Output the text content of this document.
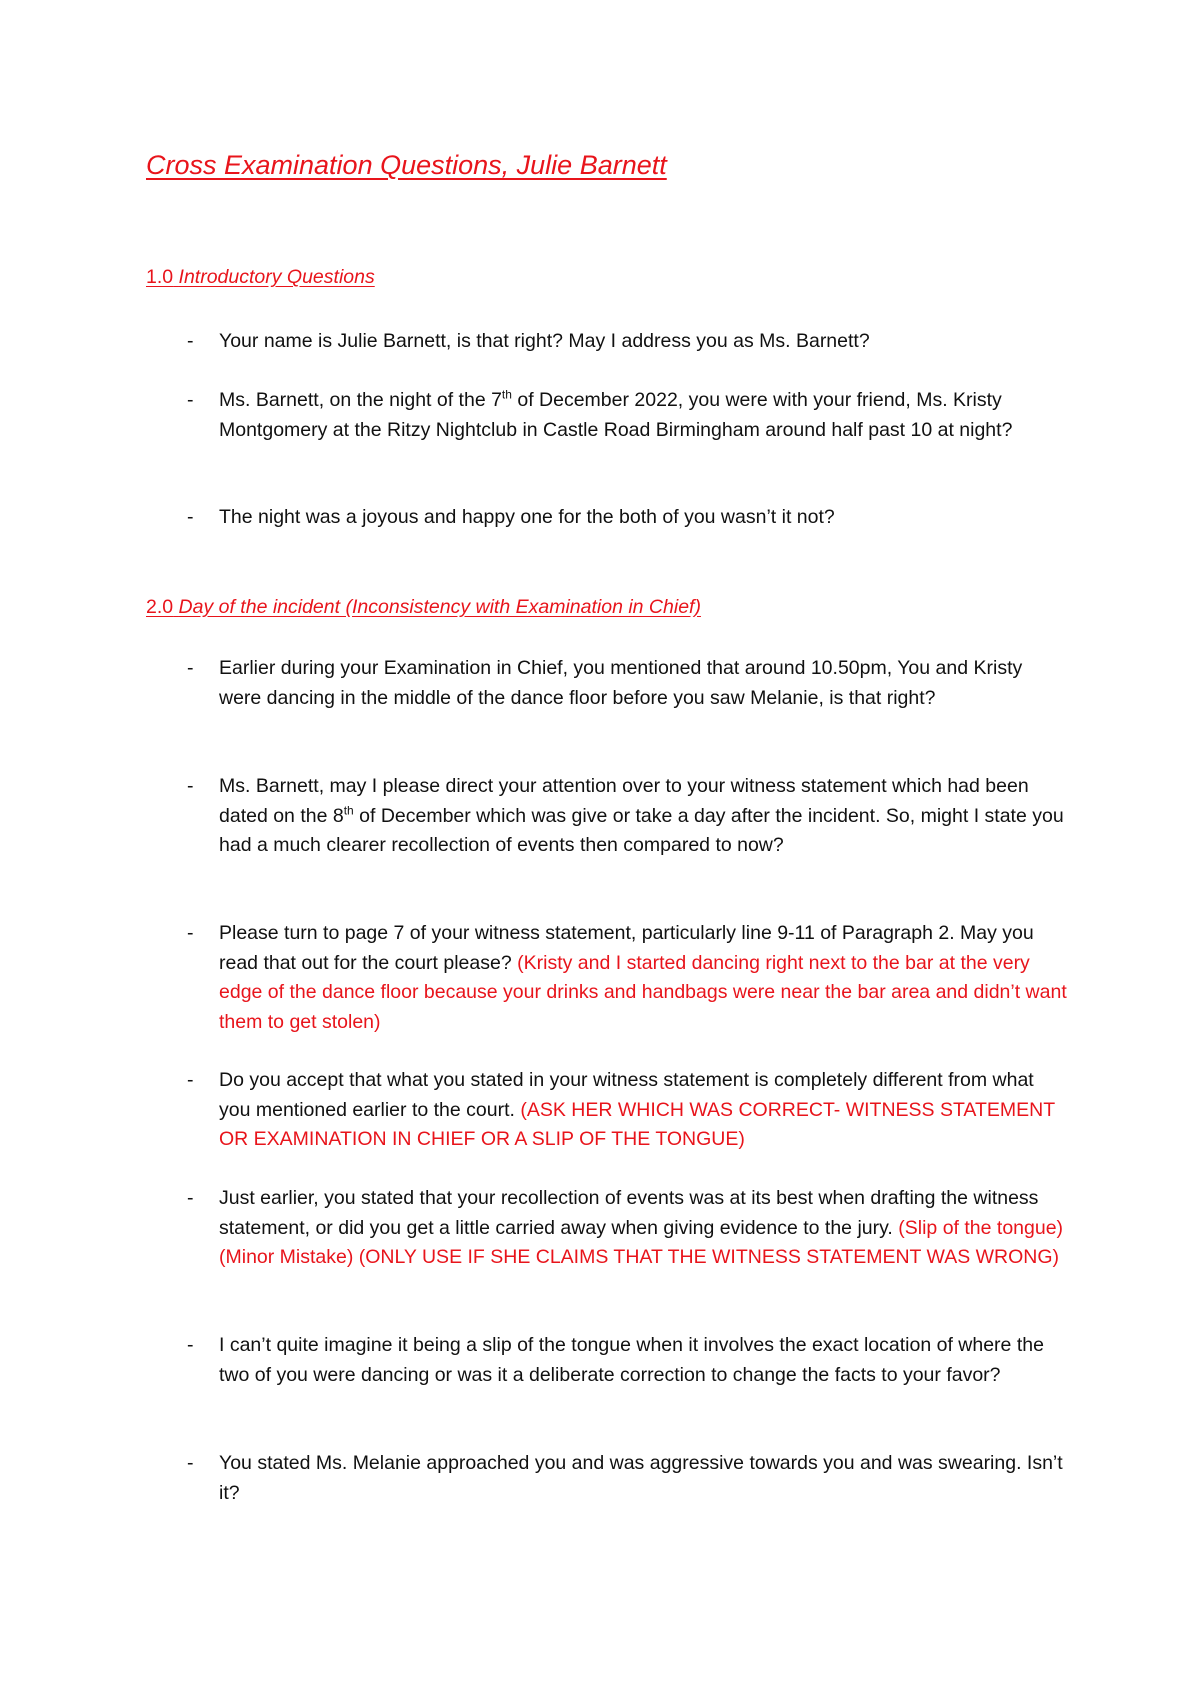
Cross Examination Questions, Julie Barnett
1.0 Introductory Questions
- Your name is Julie Barnett, is that right? May I address you as Ms. Barnett?
- Ms. Barnett, on the night of the 7th of December 2022, you were with your friend, Ms. Kristy Montgomery at the Ritzy Nightclub in Castle Road Birmingham around half past 10 at night?
- The night was a joyous and happy one for the both of you wasn’t it not?
2.0 Day of the incident (Inconsistency with Examination in Chief)
- Earlier during your Examination in Chief, you mentioned that around 10.50pm, You and Kristy were dancing in the middle of the dance floor before you saw Melanie, is that right?
- Ms. Barnett, may I please direct your attention over to your witness statement which had been dated on the 8th of December which was give or take a day after the incident. So, might I state you had a much clearer recollection of events then compared to now?
- Please turn to page 7 of your witness statement, particularly line 9-11 of Paragraph 2. May you read that out for the court please? (Kristy and I started dancing right next to the bar at the very edge of the dance floor because your drinks and handbags were near the bar area and didn’t want them to get stolen)
- Do you accept that what you stated in your witness statement is completely different from what you mentioned earlier to the court. (ASK HER WHICH WAS CORRECT- WITNESS STATEMENT OR EXAMINATION IN CHIEF OR A SLIP OF THE TONGUE)
- Just earlier, you stated that your recollection of events was at its best when drafting the witness statement, or did you get a little carried away when giving evidence to the jury. (Slip of the tongue) (Minor Mistake) (ONLY USE IF SHE CLAIMS THAT THE WITNESS STATEMENT WAS WRONG)
- I can’t quite imagine it being a slip of the tongue when it involves the exact location of where the two of you were dancing or was it a deliberate correction to change the facts to your favor?
- You stated Ms. Melanie approached you and was aggressive towards you and was swearing. Isn’t it?
